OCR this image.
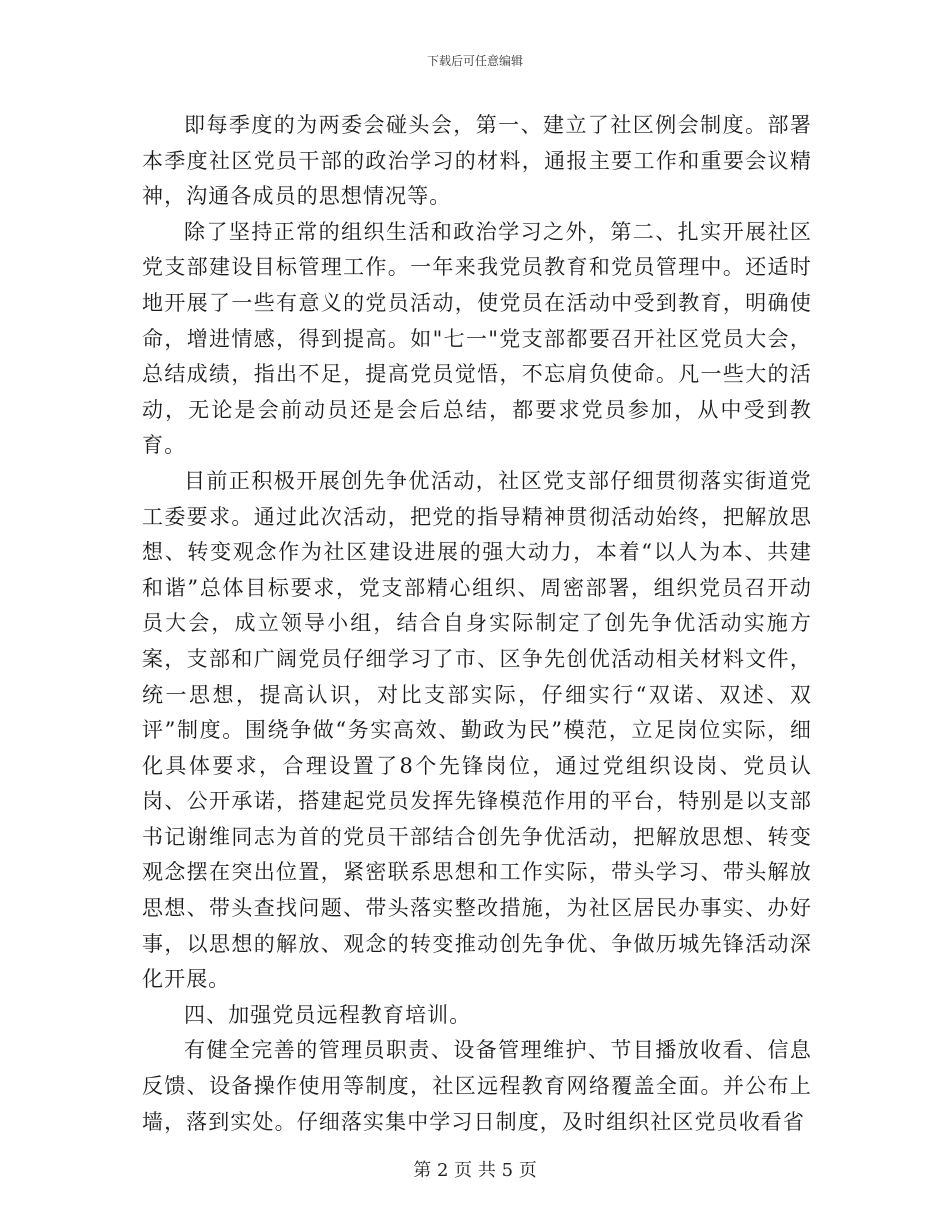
下载后可任意编辑

即每季度的为两委会碰头会，第一、建立了社区例会制度。部署本季度社区党员干部的政治学习的材料，通报主要工作和重要会议精神，沟通各成员的思想情况等。

除了坚持正常的组织生活和政治学习之外，第二、扎实开展社区党支部建设目标管理工作。一年来我党员教育和党员管理中。还适时地开展了一些有意义的党员活动，使党员在活动中受到教育，明确使命，增进情感，得到提高。如"七一"党支部都要召开社区党员大会，总结成绩，指出不足，提高党员觉悟，不忘肩负使命。凡一些大的活动，无论是会前动员还是会后总结，都要求党员参加，从中受到教育。

目前正积极开展创先争优活动，社区党支部仔细贯彻落实街道党工委要求。通过此次活动，把党的指导精神贯彻活动始终，把解放思想、转变观念作为社区建设进展的强大动力，本着“以人为本、共建和谐”总体目标要求，党支部精心组织、周密部署，组织党员召开动员大会，成立领导小组，结合自身实际制定了创先争优活动实施方案，支部和广阔党员仔细学习了市、区争先创优活动相关材料文件，统一思想，提高认识，对比支部实际，仔细实行“双诺、双述、双评”制度。围绕争做“务实高效、勤政为民”模范，立足岗位实际，细化具体要求，合理设置了8个先锋岗位，通过党组织设岗、党员认岗、公开承诺，搭建起党员发挥先锋模范作用的平台，特别是以支部书记谢维同志为首的党员干部结合创先争优活动，把解放思想、转变观念摆在突出位置，紧密联系思想和工作实际，带头学习、带头解放思想、带头查找问题、带头落实整改措施，为社区居民办事实、办好事，以思想的解放、观念的转变推动创先争优、争做历城先锋活动深化开展。

四、加强党员远程教育培训。

有健全完善的管理员职责、设备管理维护、节目播放收看、信息反馈、设备操作使用等制度，社区远程教育网络覆盖全面。并公布上墙，落到实处。仔细落实集中学习日制度，及时组织社区党员收看省

第 2 页 共 5 页
